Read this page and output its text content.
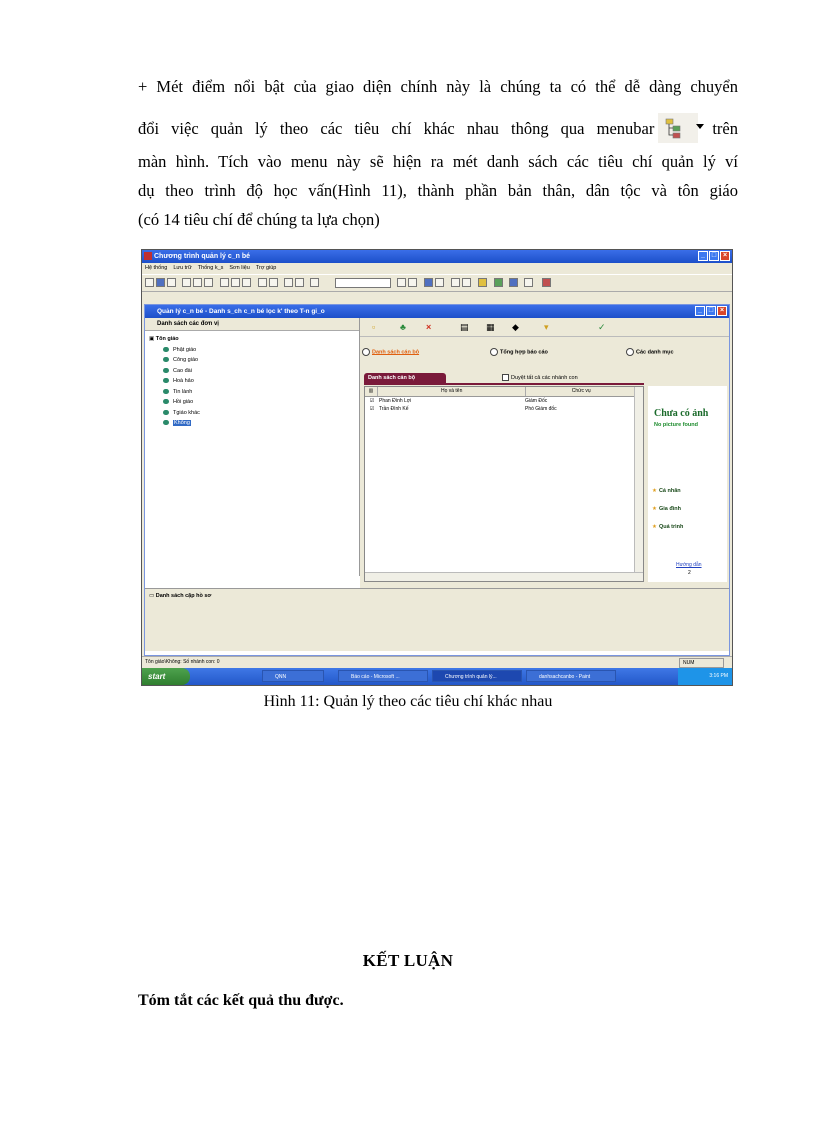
+ Mét điểm nổi bật của giao diện chính này là chúng ta có thể dễ dàng chuyển
đổi việc quản lý theo các tiêu chí khác nhau thông qua menubar	trên
màn hình. Tích vào menu này sẽ hiện ra mét danh sách các tiêu chí quản lý ví
dụ theo trình độ học vấn(Hình 11), thành phần bản thân, dân tộc và tôn giáo
(có 14 tiêu chí để chúng ta lựa chọn)
Chương trình quản lý c_n bé	_ □ ×
Hệ thống Lưu trữ Thống k_s Sơn liệu Trợ giúp
Quản lý c_n bé - Danh s_ch c_n bé lọc k' theo T-n gi_o	_ □ ×
Danh sách các đơn vị
▣ Tôn giáo
Phật giáo
Công giáo
Cao đài
Hoà hảo
Tin lành
Hồi giáo
Tgiáo khác
Không
▫	♣ ×	▤ ▦ ◆	▾	✓
Danh sách cán bộ	Tổng hợp báo cáo	Các danh mục
Danh sách cán bộ	Duyệt tất cả các nhánh con
▥	Họ và tên	Chức vụ
☑ Phan Đình Lợi	Giám Đốc
☑ Trần Đình Kế	Phó Giám đốc	Chưa có ảnh
No picture found
★ Cá nhân
★ Gia đình
★ Quá trình
Hướng dẫn
2
▭ Danh sách cặp hồ sơ
Tôn giáo\Không: Số nhánh con: 0	NUM
start	QNN	Báo cáo - Microsoft ...	Chương trình quản lý...	danhsachcanbo - Paint	3:16 PM
Hình 11: Quản lý theo các tiêu chí khác nhau
KẾT LUẬN
Tóm tắt các kết quả thu được.
